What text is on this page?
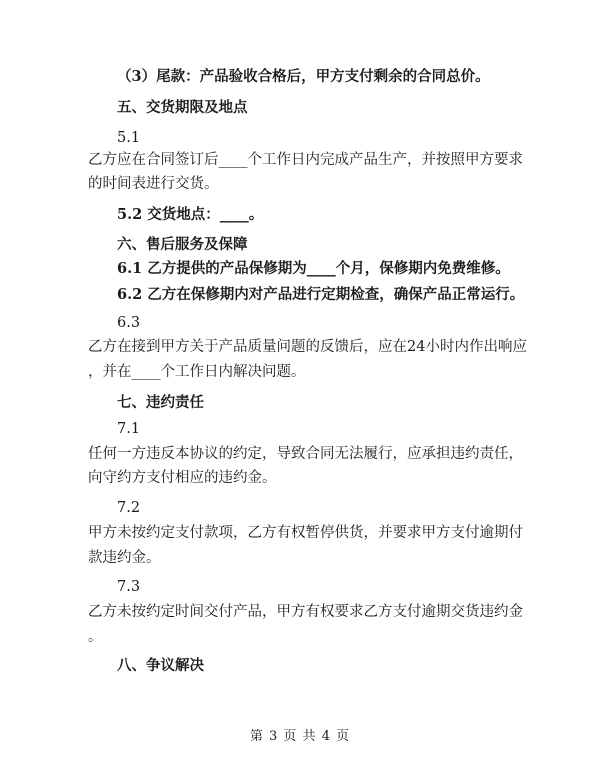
（3）尾款：产品验收合格后，甲方支付剩余的合同总价。
五、交货期限及地点
5.1
乙方应在合同签订后____个工作日内完成产品生产，并按照甲方要求
的时间表进行交货。
5.2 交货地点：____。
六、售后服务及保障
6.1 乙方提供的产品保修期为____个月，保修期内免费维修。
6.2 乙方在保修期内对产品进行定期检查，确保产品正常运行。
6.3
乙方在接到甲方关于产品质量问题的反馈后，应在24小时内作出响应
，并在____个工作日内解决问题。
七、违约责任
7.1
任何一方违反本协议的约定，导致合同无法履行，应承担违约责任，
向守约方支付相应的违约金。
7.2
甲方未按约定支付款项，乙方有权暂停供货，并要求甲方支付逾期付
款违约金。
7.3
乙方未按约定时间交付产品，甲方有权要求乙方支付逾期交货违约金
。
八、争议解决
第 3 页 共 4 页
